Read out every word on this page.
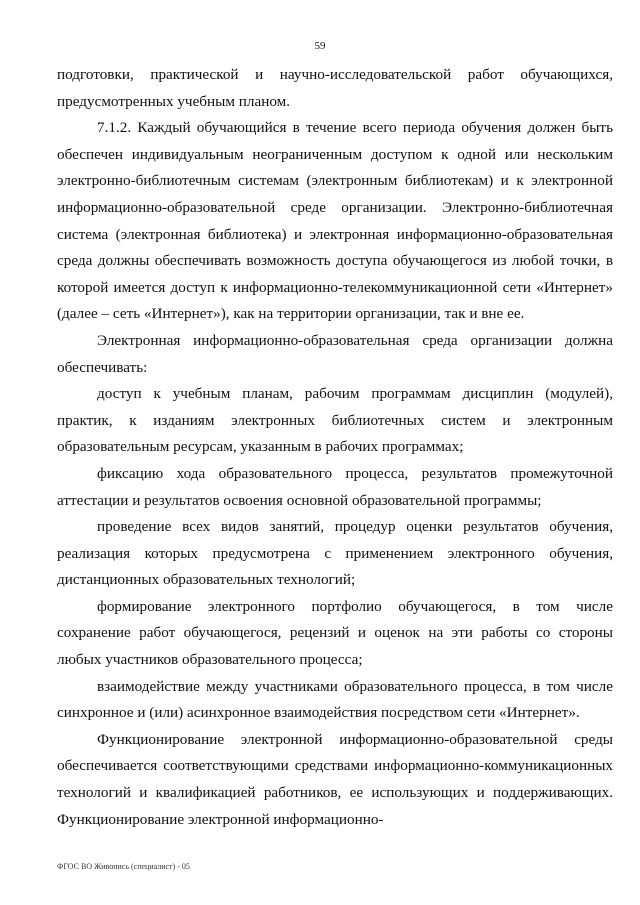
59

подготовки, практической и научно-исследовательской работ обучающихся, предусмотренных учебным планом.

7.1.2. Каждый обучающийся в течение всего периода обучения должен быть обеспечен индивидуальным неограниченным доступом к одной или нескольким электронно-библиотечным системам (электронным библиотекам) и к электронной информационно-образовательной среде организации. Электронно-библиотечная система (электронная библиотека) и электронная информационно-образовательная среда должны обеспечивать возможность доступа обучающегося из любой точки, в которой имеется доступ к информационно-телекоммуникационной сети «Интернет» (далее – сеть «Интернет»), как на территории организации, так и вне ее.

Электронная информационно-образовательная среда организации должна обеспечивать:

доступ к учебным планам, рабочим программам дисциплин (модулей), практик, к изданиям электронных библиотечных систем и электронным образовательным ресурсам, указанным в рабочих программах;

фиксацию хода образовательного процесса, результатов промежуточной аттестации и результатов освоения основной образовательной программы;

проведение всех видов занятий, процедур оценки результатов обучения, реализация которых предусмотрена с применением электронного обучения, дистанционных образовательных технологий;

формирование электронного портфолио обучающегося, в том числе сохранение работ обучающегося, рецензий и оценок на эти работы со стороны любых участников образовательного процесса;

взаимодействие между участниками образовательного процесса, в том числе синхронное и (или) асинхронное взаимодействия посредством сети «Интернет».

Функционирование электронной информационно-образовательной среды обеспечивается соответствующими средствами информационно-коммуникационных технологий и квалификацией работников, ее использующих и поддерживающих. Функционирование электронной информационно-

ФГОС ВО Живопись (специалист) - 05
